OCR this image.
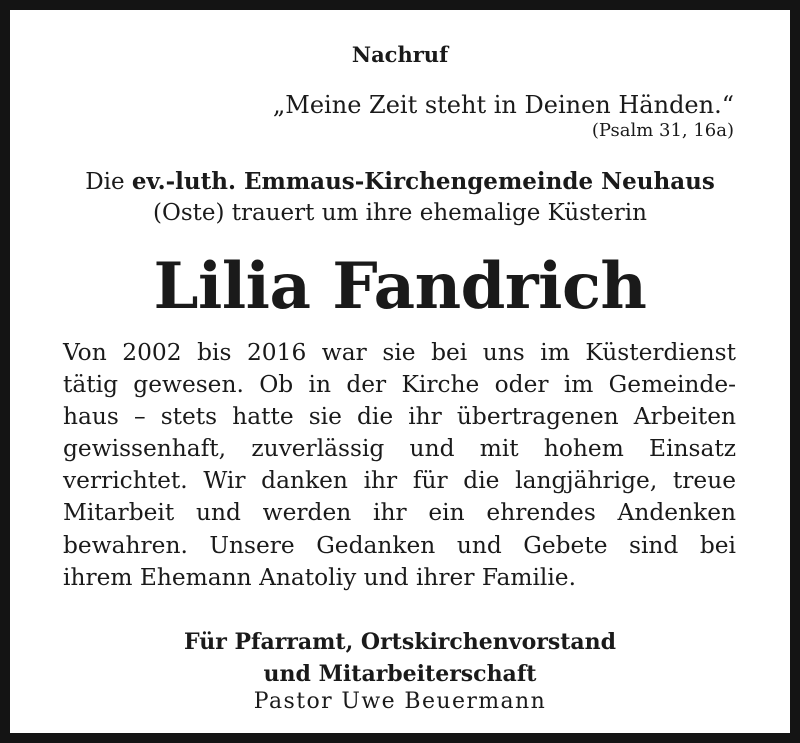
Nachruf
„Meine Zeit steht in Deinen Händen.“
(Psalm 31, 16a)
Die ev.-luth. Emmaus-Kirchengemeinde Neuhaus
(Oste) trauert um ihre ehemalige Küsterin
Lilia Fandrich
Von 2002 bis 2016 war sie bei uns im Küsterdienst
tätig gewesen. Ob in der Kirche oder im Gemeinde-
haus – stets hatte sie die ihr übertragenen Arbeiten
gewissenhaft, zuverlässig und mit hohem Einsatz
verrichtet. Wir danken ihr für die langjährige, treue
Mitarbeit und werden ihr ein ehrendes Andenken
bewahren. Unsere Gedanken und Gebete sind bei
ihrem Ehemann Anatoliy und ihrer Familie.
Für Pfarramt, Ortskirchenvorstand
und Mitarbeiterschaft
Pastor Uwe Beuermann
